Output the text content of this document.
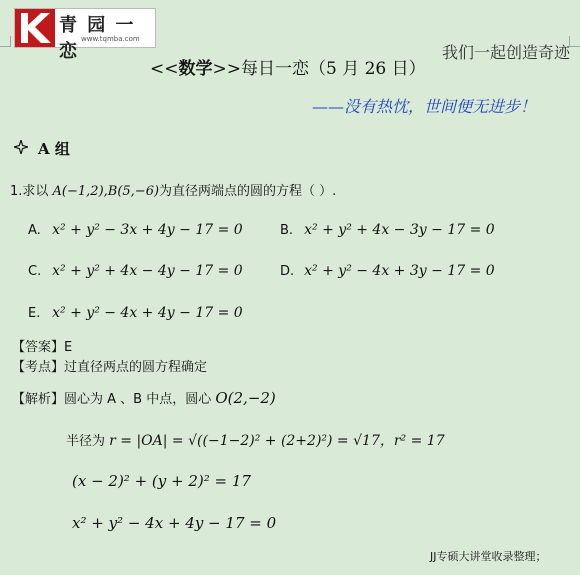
青 园 一 恋
www.tqmba.com
<<数学>>每日一恋（5 月 26 日）
我们一起创造奇迹
——没有热忱，世间便无进步！
A 组
1.求以 A(−1,2),B(5,−6)为直径两端点的圆的方程（ ）.
A. x² + y² − 3x + 4y − 17 = 0	B. x² + y² + 4x − 3y − 17 = 0
C. x² + y² + 4x − 4y − 17 = 0	D. x² + y² − 4x + 3y − 17 = 0
E. x² + y² − 4x + 4y − 17 = 0
【答案】E
【考点】过直径两点的圆方程确定
【解析】圆心为 A 、B 中点，圆心 O(2,−2)
半径为 r = |OA| = √((−1−2)² + (2+2)²) = √17，r² = 17
(x − 2)² + (y + 2)² = 17
x² + y² − 4x + 4y − 17 = 0
JJ专硕大讲堂收录整理；
